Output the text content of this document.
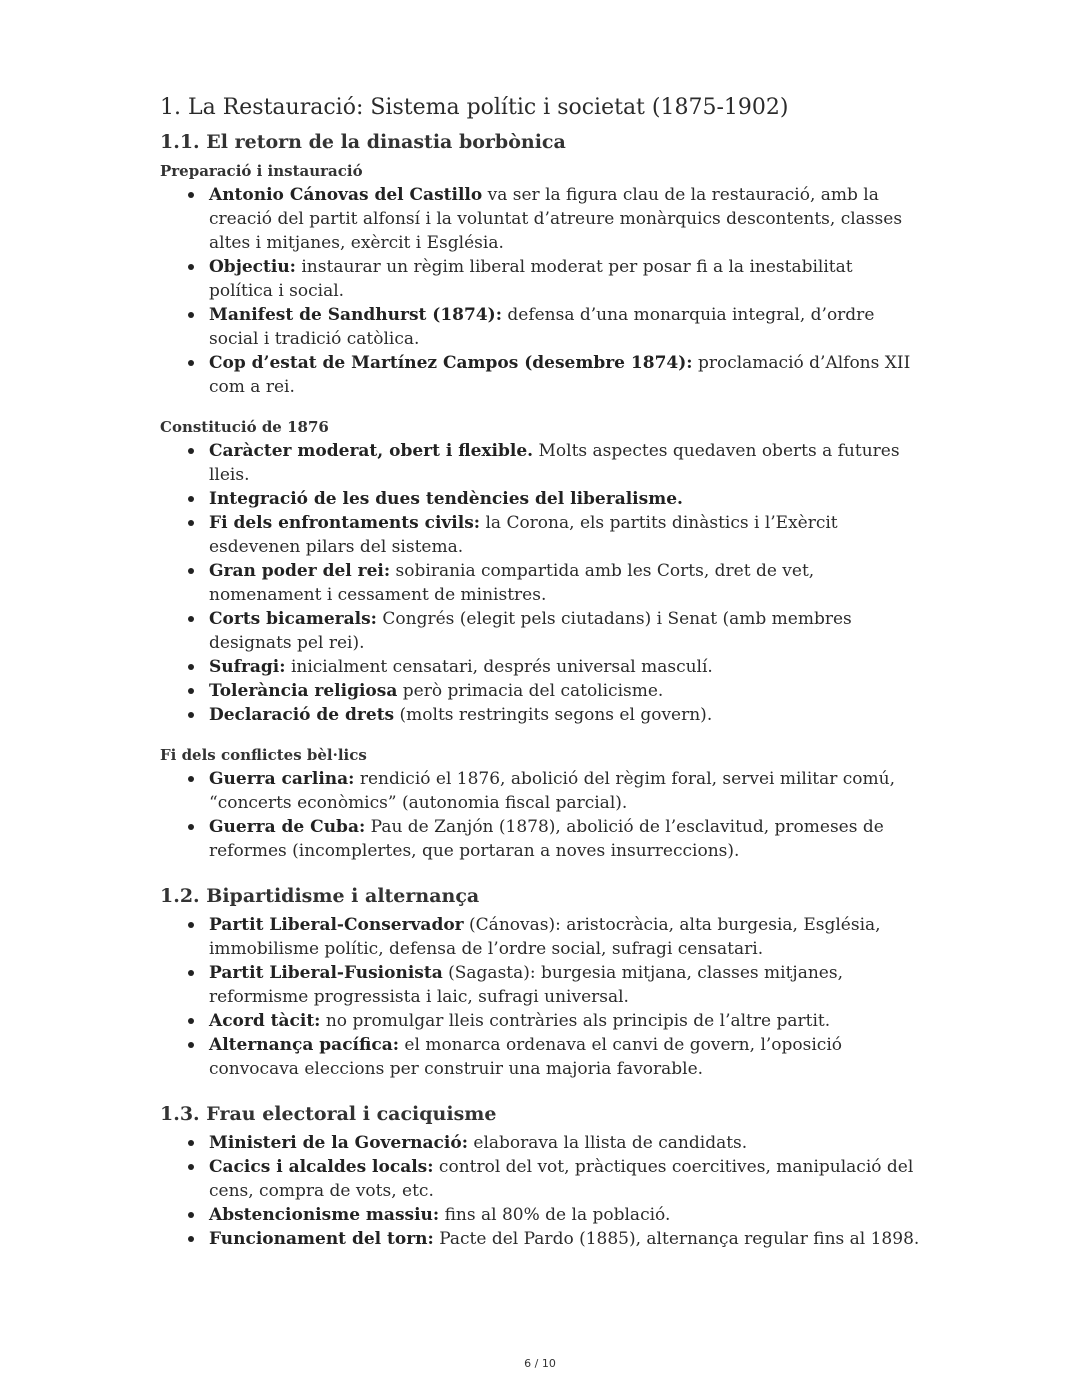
1. La Restauració: Sistema polític i societat (1875-1902)
1.1. El retorn de la dinastia borbònica
Preparació i instauració
Antonio Cánovas del Castillo va ser la figura clau de la restauració, amb la creació del partit alfonsí i la voluntat d’atreure monàrquics descontents, classes altes i mitjanes, exèrcit i Església.
Objectiu: instaurar un règim liberal moderat per posar fi a la inestabilitat política i social.
Manifest de Sandhurst (1874): defensa d’una monarquia integral, d’ordre social i tradició catòlica.
Cop d’estat de Martínez Campos (desembre 1874): proclamació d’Alfons XII com a rei.
Constitució de 1876
Caràcter moderat, obert i flexible. Molts aspectes quedaven oberts a futures lleis.
Integració de les dues tendències del liberalisme.
Fi dels enfrontaments civils: la Corona, els partits dinàstics i l’Exèrcit esdevenen pilars del sistema.
Gran poder del rei: sobirania compartida amb les Corts, dret de vet, nomenament i cessament de ministres.
Corts bicamerals: Congrés (elegit pels ciutadans) i Senat (amb membres designats pel rei).
Sufragi: inicialment censatari, després universal masculí.
Tolerància religiosa però primacia del catolicisme.
Declaració de drets (molts restringits segons el govern).
Fi dels conflictes bèl·lics
Guerra carlina: rendició el 1876, abolició del règim foral, servei militar comú, “concerts econòmics” (autonomia fiscal parcial).
Guerra de Cuba: Pau de Zanjón (1878), abolició de l’esclavitud, promeses de reformes (incomplertes, que portaran a noves insurreccions).
1.2. Bipartidisme i alternança
Partit Liberal-Conservador (Cánovas): aristocràcia, alta burgesia, Església, immobilisme polític, defensa de l’ordre social, sufragi censatari.
Partit Liberal-Fusionista (Sagasta): burgesia mitjana, classes mitjanes, reformisme progressista i laic, sufragi universal.
Acord tàcit: no promulgar lleis contràries als principis de l’altre partit.
Alternança pacífica: el monarca ordenava el canvi de govern, l’oposició convocava eleccions per construir una majoria favorable.
1.3. Frau electoral i caciquisme
Ministeri de la Governació: elaborava la llista de candidats.
Cacics i alcaldes locals: control del vot, pràctiques coercitives, manipulació del cens, compra de vots, etc.
Abstencionisme massiu: fins al 80% de la població.
Funcionament del torn: Pacte del Pardo (1885), alternança regular fins al 1898.
6 / 10
